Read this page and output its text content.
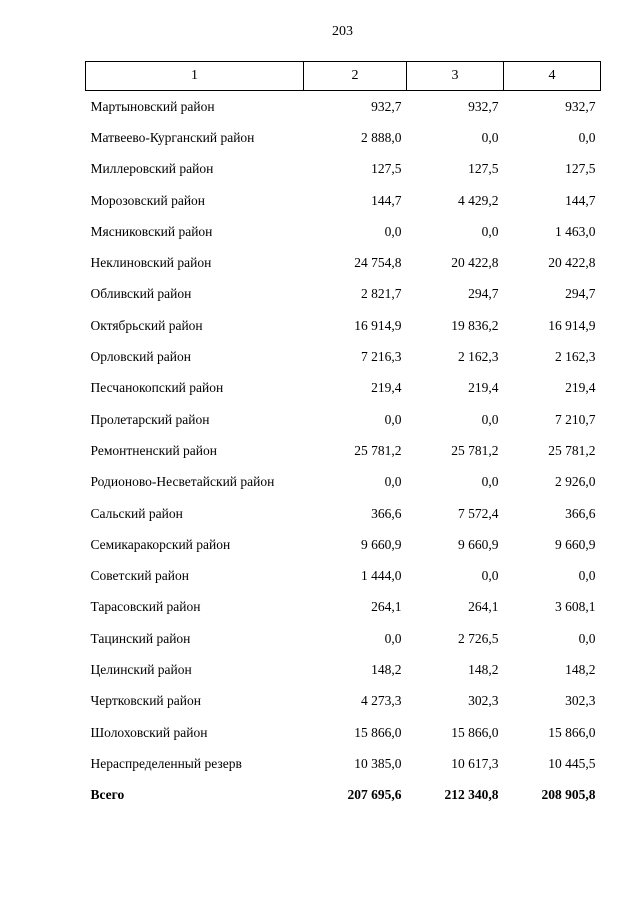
203
1	2	3	4
Мартыновский район	932,7	932,7	932,7
Матвеево-Курганский район	2 888,0	0,0	0,0
Миллеровский район	127,5	127,5	127,5
Морозовский район	144,7	4 429,2	144,7
Мясниковский район	0,0	0,0	1 463,0
Неклиновский район	24 754,8	20 422,8	20 422,8
Обливский район	2 821,7	294,7	294,7
Октябрьский район	16 914,9	19 836,2	16 914,9
Орловский район	7 216,3	2 162,3	2 162,3
Песчанокопский район	219,4	219,4	219,4
Пролетарский район	0,0	0,0	7 210,7
Ремонтненский район	25 781,2	25 781,2	25 781,2
Родионово-Несветайский район	0,0	0,0	2 926,0
Сальский район	366,6	7 572,4	366,6
Семикаракорский район	9 660,9	9 660,9	9 660,9
Советский район	1 444,0	0,0	0,0
Тарасовский район	264,1	264,1	3 608,1
Тацинский район	0,0	2 726,5	0,0
Целинский район	148,2	148,2	148,2
Чертковский район	4 273,3	302,3	302,3
Шолоховский район	15 866,0	15 866,0	15 866,0
Нераспределенный резерв	10 385,0	10 617,3	10 445,5
Всего	207 695,6	212 340,8	208 905,8
